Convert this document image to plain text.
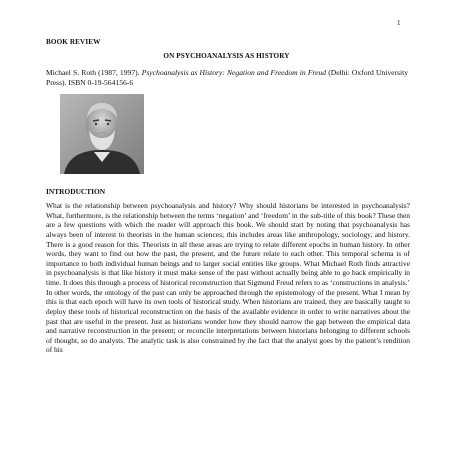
1
BOOK REVIEW
ON PSYCHOANALYSIS AS HISTORY
Michael S. Roth (1987, 1997). Psychoanalysis as History: Negation and Freedom in Freud (Delhi: Oxford University Press). ISBN 0-19-564156-6
INTRODUCTION

What is the relationship between psychoanalysis and history? Why should historians be interested in psychoanalysis? What, furthermore, is the relationship between the terms ‘negation’ and ‘freedom’ in the sub-title of this book? These then are a few questions with which the reader will approach this book. We should start by noting that psychoanalysis has always been of interest to theorists in the human sciences; this includes areas like anthropology, sociology, and history. There is a good reason for this. Theorists in all these areas are trying to relate different epochs in human history. In other words, they want to find out how the past, the present, and the future relate to each other. This temporal schema is of importance to both individual human beings and to larger social entities like groups. What Michael Roth finds attractive in psychoanalysis is that like history it must make sense of the past without actually being able to go back empirically in time. It does this through a process of historical reconstruction that Sigmund Freud refers to as ‘constructions in analysis.’ In other words, the ontology of the past can only be approached through the epistemology of the present. What I mean by this is that each epoch will have its own tools of historical study. When historians are trained, they are basically taught to deploy these tools of historical reconstruction on the basis of the available evidence in order to write narratives about the past that are useful in the present. Just as historians wonder how they should narrow the gap between the empirical data and narrative reconstruction in the present; or reconcile interpretations between historians belonging to different schools of thought, so do analysts. The analytic task is also constrained by the fact that the analyst goes by the patient’s rendition of his
